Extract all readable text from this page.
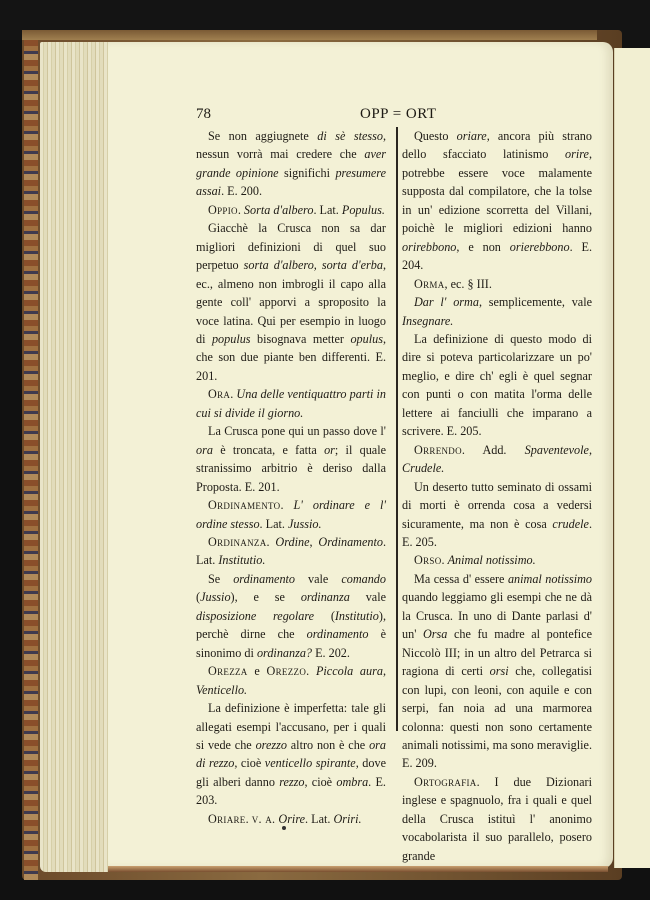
78	OPP = ORT

Se non aggiugnete di sè stesso, nessun vorrà mai credere che aver grande opinione significhi presumere assai. E. 200.

Oppio. Sorta d'albero. Lat. Populus.

Giacchè la Crusca non sa dar migliori definizioni di quel suo perpetuo sorta d'albero, sorta d'erba, ec., almeno non imbrogli il capo alla gente coll' apporvi a sproposito la voce latina. Qui per esempio in luogo di populus bisognava metter opulus, che son due piante ben differenti. E. 201.

Ora. Una delle ventiquattro parti in cui si divide il giorno.

La Crusca pone qui un passo dove l' ora è troncata, e fatta or; il quale stranissimo arbitrio è deriso dalla Proposta. E. 201.

Ordinamento. L' ordinare e l' ordine stesso. Lat. Jussio.

Ordinanza. Ordine, Ordinamento. Lat. Institutio.

Se ordinamento vale comando (Jussio), e se ordinanza vale disposizione regolare (Institutio), perchè dirne che ordinamento è sinonimo di ordinanza? E. 202.

Orezza e Orezzo. Piccola aura, Venticello.

La definizione è imperfetta: tale gli allegati esempi l'accusano, per i quali si vede che orezzo altro non è che ora di rezzo, cioè venticello spirante, dove gli alberi danno rezzo, cioè ombra. E. 203.

Oriare. v. a. Orire. Lat. Oriri.

Questo oriare, ancora più strano dello sfacciato latinismo orire, potrebbe essere voce malamente supposta dal compilatore, che la tolse in un' edizione scorretta del Villani, poichè le migliori edizioni hanno orirebbono, e non orierebbono. E. 204.

Orma, ec. § III.

Dar l' orma, semplicemente, vale Insegnare.

La definizione di questo modo di dire si poteva particolarizzare un po' meglio, e dire ch' egli è quel segnar con punti o con matita l'orma delle lettere ai fanciulli che imparano a scrivere. E. 205.

Orrendo. Add. Spaventevole, Crudele.

Un deserto tutto seminato di ossami di morti è orrenda cosa a vedersi sicuramente, ma non è cosa crudele. E. 205.

Orso. Animal notissimo.

Ma cessa d' essere animal notissimo quando leggiamo gli esempi che ne dà la Crusca. In uno di Dante parlasi d' un' Orsa che fu madre al pontefice Niccolò III; in un altro del Petrarca si ragiona di certi orsi che, collegatisi con lupi, con leoni, con aquile e con serpi, fan noia ad una marmorea colonna: questi non sono certamente animali notissimi, ma sono meraviglie. E. 209.

Ortografia. I due Dizionari inglese e spagnuolo, fra i quali e quel della Crusca istituì l' anonimo vocabolarista il suo parallelo, posero grande
